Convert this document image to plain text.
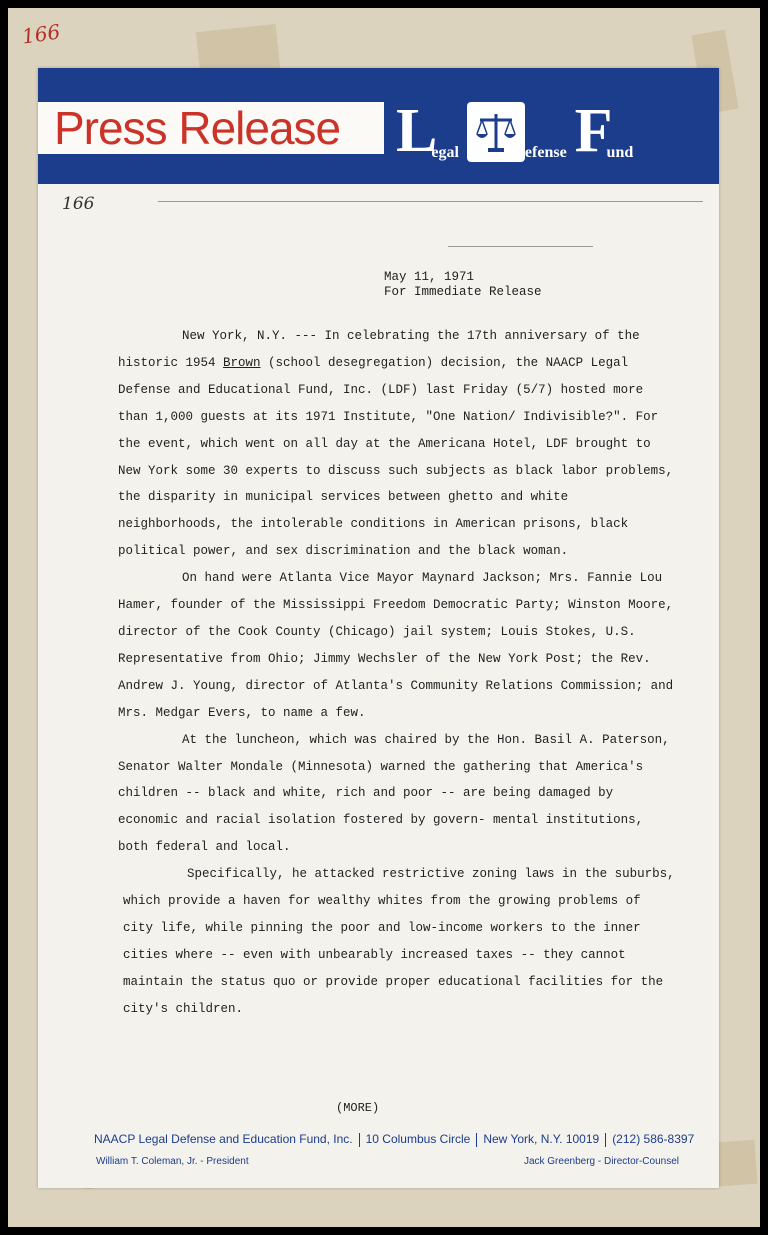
166
Press Release L
egal	efense F
und
166
May 11, 1971
For Immediate Release

New York, N.Y. --- In celebrating the 17th anniversary of the historic 1954 Brown (school desegregation) decision, the NAACP Legal Defense and Educational Fund, Inc. (LDF) last Friday (5/7) hosted more than 1,000 guests at its 1971 Institute, "One Nation/ Indivisible?". For the event, which went on all day at the Americana Hotel, LDF brought to New York some 30 experts to discuss such subjects as black labor problems, the disparity in municipal services between ghetto and white neighborhoods, the intolerable conditions in American prisons, black political power, and sex discrimination and the black woman.

On hand were Atlanta Vice Mayor Maynard Jackson; Mrs. Fannie Lou Hamer, founder of the Mississippi Freedom Democratic Party; Winston Moore, director of the Cook County (Chicago) jail system; Louis Stokes, U.S. Representative from Ohio; Jimmy Wechsler of the New York Post; the Rev. Andrew J. Young, director of Atlanta's Community Relations Commission; and Mrs. Medgar Evers, to name a few.

At the luncheon, which was chaired by the Hon. Basil A. Paterson, Senator Walter Mondale (Minnesota) warned the gathering that America's children -- black and white, rich and poor -- are being damaged by economic and racial isolation fostered by govern- mental institutions, both federal and local.

Specifically, he attacked restrictive zoning laws in the suburbs, which provide a haven for wealthy whites from the growing problems of city life, while pinning the poor and low-income workers to the inner cities where -- even with unbearably increased taxes -- they cannot maintain the status quo or provide proper educational facilities for the city's children.

(MORE)
NAACP Legal Defense and Education Fund, Inc. 10 Columbus Circle New York, N.Y. 10019 (212) 586-8397
William T. Coleman, Jr. - President	Jack Greenberg - Director-Counsel
